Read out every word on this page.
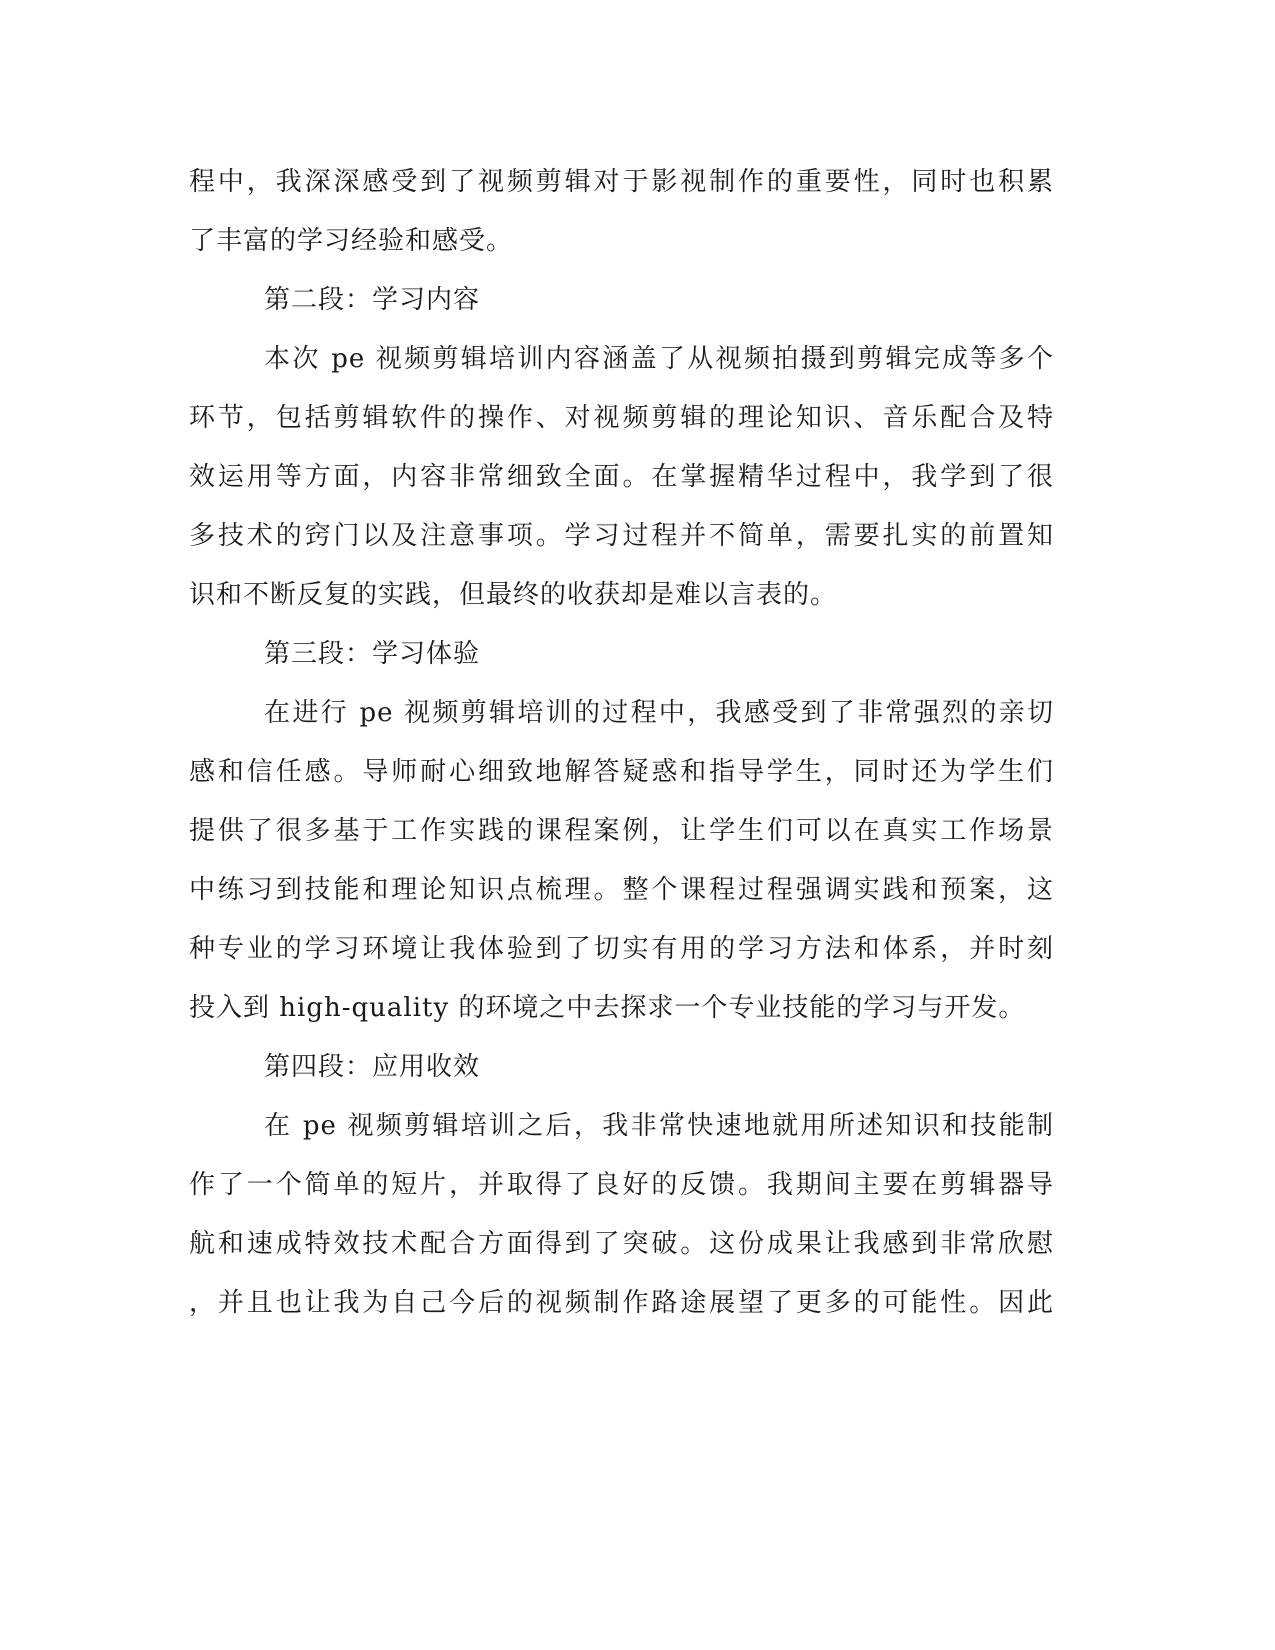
程中，我深深感受到了视频剪辑对于影视制作的重要性，同时也积累
了丰富的学习经验和感受。
第二段：学习内容
本次 pe 视频剪辑培训内容涵盖了从视频拍摄到剪辑完成等多个
环节，包括剪辑软件的操作、对视频剪辑的理论知识、音乐配合及特
效运用等方面，内容非常细致全面。在掌握精华过程中，我学到了很
多技术的窍门以及注意事项。学习过程并不简单，需要扎实的前置知
识和不断反复的实践，但最终的收获却是难以言表的。
第三段：学习体验
在进行 pe 视频剪辑培训的过程中，我感受到了非常强烈的亲切
感和信任感。导师耐心细致地解答疑惑和指导学生，同时还为学生们
提供了很多基于工作实践的课程案例，让学生们可以在真实工作场景
中练习到技能和理论知识点梳理。整个课程过程强调实践和预案，这
种专业的学习环境让我体验到了切实有用的学习方法和体系，并时刻
投入到 high-quality 的环境之中去探求一个专业技能的学习与开发。
第四段：应用收效
在 pe 视频剪辑培训之后，我非常快速地就用所述知识和技能制
作了一个简单的短片，并取得了良好的反馈。我期间主要在剪辑器导
航和速成特效技术配合方面得到了突破。这份成果让我感到非常欣慰
，并且也让我为自己今后的视频制作路途展望了更多的可能性。因此
